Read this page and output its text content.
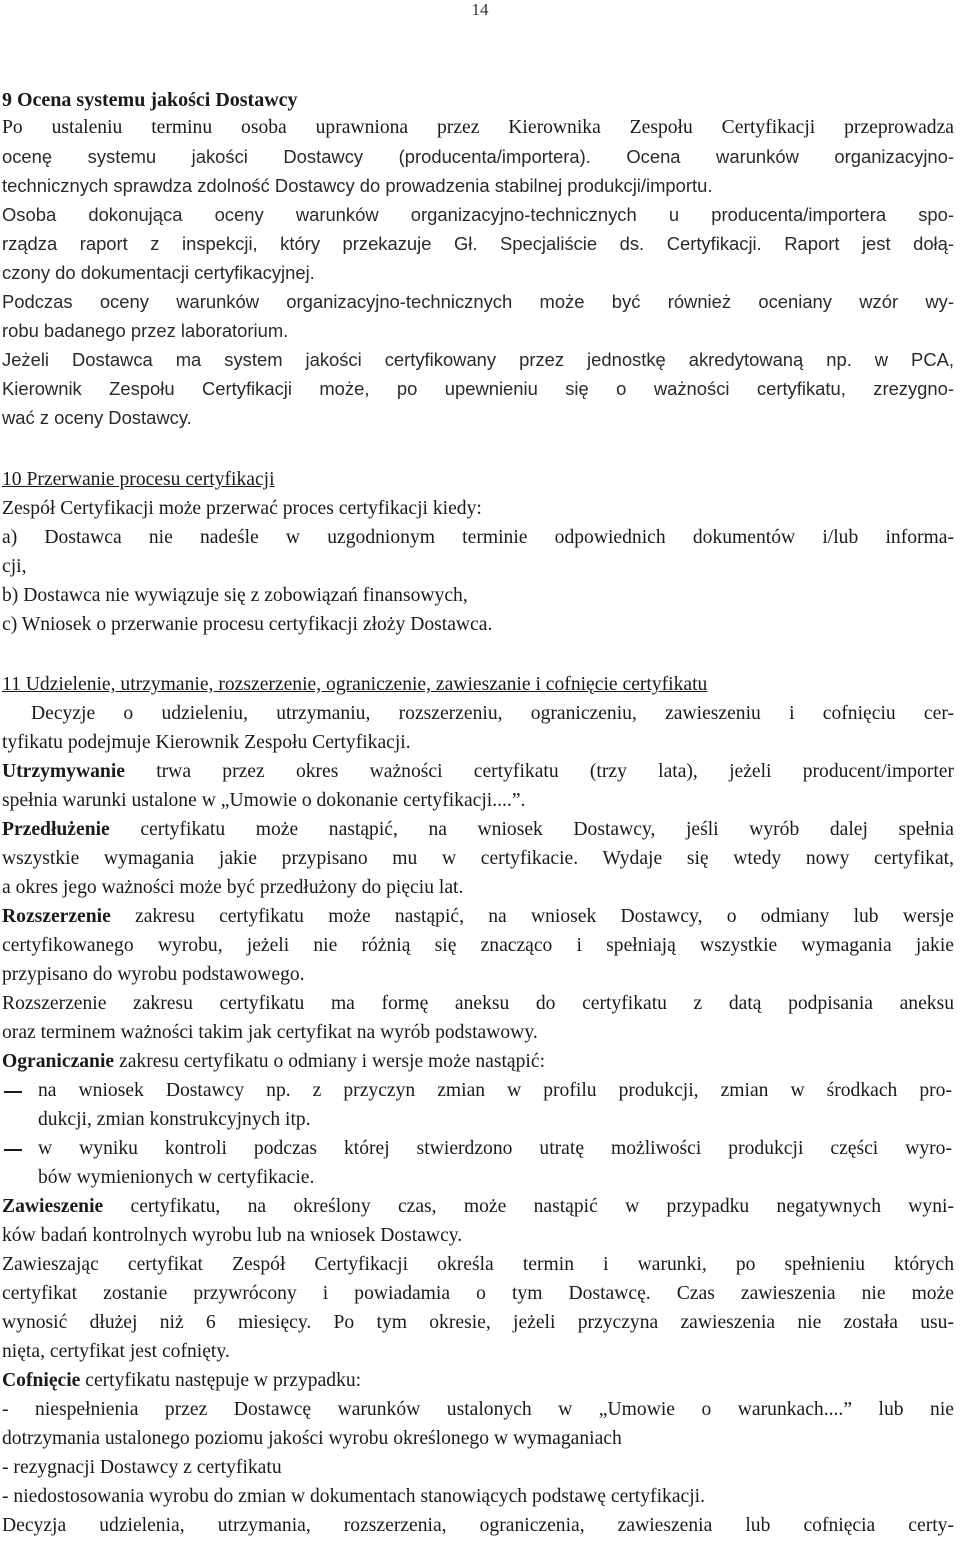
14
9 Ocena systemu jakości Dostawcy
Po ustaleniu terminu osoba uprawniona przez Kierownika Zespołu Certyfikacji przeprowadza
ocenę systemu jakości Dostawcy (producenta/importera). Ocena warunków organizacyjno-
technicznych sprawdza zdolność Dostawcy do prowadzenia stabilnej produkcji/importu.
Osoba dokonująca oceny warunków organizacyjno-technicznych u producenta/importera spo-
rządza raport z inspekcji, który przekazuje Gł. Specjaliście ds. Certyfikacji. Raport jest dołą-
czony do dokumentacji certyfikacyjnej.
Podczas oceny warunków organizacyjno-technicznych może być również oceniany wzór wy-
robu badanego przez laboratorium.
Jeżeli Dostawca ma system jakości certyfikowany przez jednostkę akredytowaną np. w PCA,
Kierownik Zespołu Certyfikacji może, po upewnieniu się o ważności certyfikatu, zrezygno-
wać z oceny Dostawcy.
10 Przerwanie procesu certyfikacji
Zespół Certyfikacji może przerwać proces certyfikacji kiedy:
a) Dostawca nie nadeśle w uzgodnionym terminie odpowiednich dokumentów i/lub informa-
cji,
b) Dostawca nie wywiązuje się z zobowiązań finansowych,
c) Wniosek o przerwanie procesu certyfikacji złoży Dostawca.
11 Udzielenie, utrzymanie, rozszerzenie, ograniczenie, zawieszanie i cofnięcie certyfikatu
Decyzje o udzieleniu, utrzymaniu, rozszerzeniu, ograniczeniu, zawieszeniu i cofnięciu cer-
tyfikatu podejmuje Kierownik Zespołu Certyfikacji.
Utrzymywanie trwa przez okres ważności certyfikatu (trzy lata), jeżeli producent/importer
spełnia warunki ustalone w „Umowie o dokonanie certyfikacji....”.
Przedłużenie certyfikatu może nastąpić, na wniosek Dostawcy, jeśli wyrób dalej spełnia
wszystkie wymagania jakie przypisano mu w certyfikacie. Wydaje się wtedy nowy certyfikat,
a okres jego ważności może być przedłużony do pięciu lat.
Rozszerzenie zakresu certyfikatu może nastąpić, na wniosek Dostawcy, o odmiany lub wersje
certyfikowanego wyrobu, jeżeli nie różnią się znacząco i spełniają wszystkie wymagania jakie
przypisano do wyrobu podstawowego.
Rozszerzenie zakresu certyfikatu ma formę aneksu do certyfikatu z datą podpisania aneksu
oraz terminem ważności takim jak certyfikat na wyrób podstawowy.
Ograniczanie zakresu certyfikatu o odmiany i wersje może nastąpić:
na wniosek Dostawcy np. z przyczyn zmian w profilu produkcji, zmian w środkach pro-
dukcji, zmian konstrukcyjnych itp.
w wyniku kontroli podczas której stwierdzono utratę możliwości produkcji części wyro-
bów wymienionych w certyfikacie.
Zawieszenie certyfikatu, na określony czas, może nastąpić w przypadku negatywnych wyni-
ków badań kontrolnych wyrobu lub na wniosek Dostawcy.
Zawieszając certyfikat Zespół Certyfikacji określa termin i warunki, po spełnieniu których
certyfikat zostanie przywrócony i powiadamia o tym Dostawcę. Czas zawieszenia nie może
wynosić dłużej niż 6 miesięcy. Po tym okresie, jeżeli przyczyna zawieszenia nie została usu-
nięta, certyfikat jest cofnięty.
Cofnięcie certyfikatu następuje w przypadku:
- niespełnienia przez Dostawcę warunków ustalonych w „Umowie o warunkach....” lub nie
dotrzymania ustalonego poziomu jakości wyrobu określonego w wymaganiach
- rezygnacji Dostawcy z certyfikatu
- niedostosowania wyrobu do zmian w dokumentach stanowiących podstawę certyfikacji.
Decyzja udzielenia, utrzymania, rozszerzenia, ograniczenia, zawieszenia lub cofnięcia certy-
